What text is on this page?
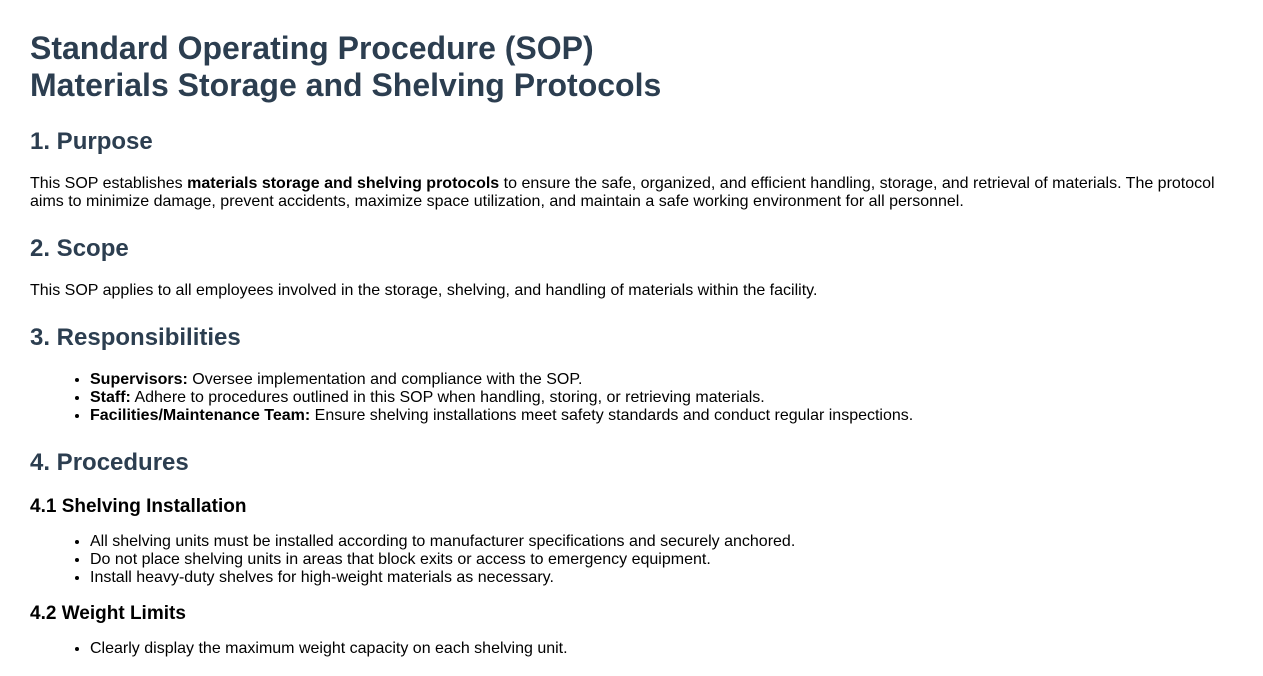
Standard Operating Procedure (SOP)
Materials Storage and Shelving Protocols
1. Purpose

This SOP establishes materials storage and shelving protocols to ensure the safe, organized, and efficient handling, storage, and retrieval of materials. The protocol aims to minimize damage, prevent accidents, maximize space utilization, and maintain a safe working environment for all personnel.

2. Scope

This SOP applies to all employees involved in the storage, shelving, and handling of materials within the facility.

3. Responsibilities
• Supervisors: Oversee implementation and compliance with the SOP.
• Staff: Adhere to procedures outlined in this SOP when handling, storing, or retrieving materials.
• Facilities/Maintenance Team: Ensure shelving installations meet safety standards and conduct regular inspections.
4. Procedures
4.1 Shelving Installation
• All shelving units must be installed according to manufacturer specifications and securely anchored.
• Do not place shelving units in areas that block exits or access to emergency equipment.
• Install heavy-duty shelves for high-weight materials as necessary.
4.2 Weight Limits
• Clearly display the maximum weight capacity on each shelving unit.
